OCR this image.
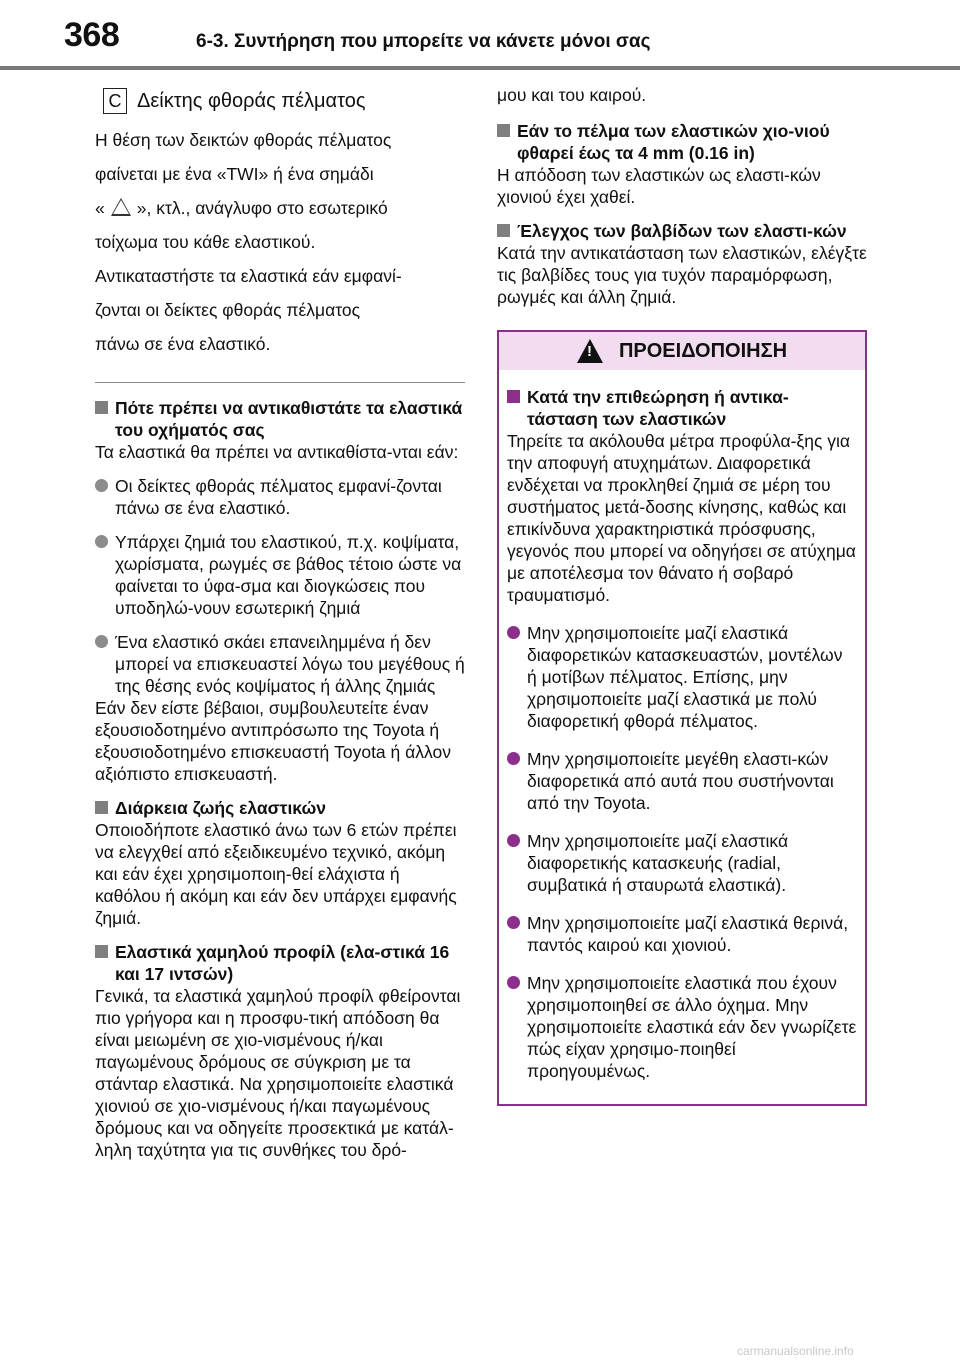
368	6-3. Συντήρηση που μπορείτε να κάνετε μόνοι σας
C Δείκτης φθοράς πέλματος

Η θέση των δεικτών φθοράς πέλματος

φαίνεται με ένα «TWI» ή ένα σημάδι

« », κτλ., ανάγλυφο στο εσωτερικό

τοίχωμα του κάθε ελαστικού.

Αντικαταστήστε τα ελαστικά εάν εμφανί-

ζονται οι δείκτες φθοράς πέλματος

πάνω σε ένα ελαστικό.

Πότε πρέπει να αντικαθιστάτε τα ελαστικά του οχήματός σας

Τα ελαστικά θα πρέπει να αντικαθίστα-νται εάν:

Οι δείκτες φθοράς πέλματος εμφανί-ζονται πάνω σε ένα ελαστικό.
Υπάρχει ζημιά του ελαστικού, π.χ. κοψίματα, χωρίσματα, ρωγμές σε βάθος τέτοιο ώστε να φαίνεται το ύφα-σμα και διογκώσεις που υποδηλώ-νουν εσωτερική ζημιά
Ένα ελαστικό σκάει επανειλημμένα ή δεν μπορεί να επισκευαστεί λόγω του μεγέθους ή της θέσης ενός κοψίματος ή άλλης ζημιάς

Εάν δεν είστε βέβαιοι, συμβουλευτείτε έναν εξουσιοδοτημένο αντιπρόσωπο της Toyota ή εξουσιοδοτημένο επισκευαστή Toyota ή άλλον αξιόπιστο επισκευαστή.

Διάρκεια ζωής ελαστικών

Οποιοδήποτε ελαστικό άνω των 6 ετών πρέπει να ελεγχθεί από εξειδικευμένο τεχνικό, ακόμη και εάν έχει χρησιμοποιη-θεί ελάχιστα ή καθόλου ή ακόμη και εάν δεν υπάρχει εμφανής ζημιά.

Ελαστικά χαμηλού προφίλ (ελα-στικά 16 και 17 ιντσών)

Γενικά, τα ελαστικά χαμηλού προφίλ φθείρονται πιο γρήγορα και η προσφυ-τική απόδοση θα είναι μειωμένη σε χιο-νισμένους ή/και παγωμένους δρόμους σε σύγκριση με τα στάνταρ ελαστικά. Να χρησιμοποιείτε ελαστικά χιονιού σε χιο-νισμένους ή/και παγωμένους δρόμους και να οδηγείτε προσεκτικά με κατάλ-ληλη ταχύτητα για τις συνθήκες του δρό-

μου και του καιρού.

Εάν το πέλμα των ελαστικών χιο-νιού φθαρεί έως τα 4 mm (0.16 in)

Η απόδοση των ελαστικών ως ελαστι-κών χιονιού έχει χαθεί.

Έλεγχος των βαλβίδων των ελαστι-κών

Κατά την αντικατάσταση των ελαστικών, ελέγξτε τις βαλβίδες τους για τυχόν παραμόρφωση, ρωγμές και άλλη ζημιά.

!
ΠΡΟΕΙΔΟΠΟΙΗΣΗ
Κατά την επιθεώρηση ή αντικα-τάσταση των ελαστικών

Τηρείτε τα ακόλουθα μέτρα προφύλα-ξης για την αποφυγή ατυχημάτων. Διαφορετικά ενδέχεται να προκληθεί ζημιά σε μέρη του συστήματος μετά-δοσης κίνησης, καθώς και επικίνδυνα χαρακτηριστικά πρόσφυσης, γεγονός που μπορεί να οδηγήσει σε ατύχημα με αποτέλεσμα τον θάνατο ή σοβαρό τραυματισμό.

Μην χρησιμοποιείτε μαζί ελαστικά διαφορετικών κατασκευαστών, μοντέλων ή μοτίβων πέλματος. Επίσης, μην χρησιμοποιείτε μαζί ελαστικά με πολύ διαφορετική φθορά πέλματος.
Μην χρησιμοποιείτε μεγέθη ελαστι-κών διαφορετικά από αυτά που συστήνονται από την Toyota.
Μην χρησιμοποιείτε μαζί ελαστικά διαφορετικής κατασκευής (radial, συμβατικά ή σταυρωτά ελαστικά).
Μην χρησιμοποιείτε μαζί ελαστικά θερινά, παντός καιρού και χιονιού.
Μην χρησιμοποιείτε ελαστικά που έχουν χρησιμοποιηθεί σε άλλο όχημα. Μην χρησιμοποιείτε ελαστικά εάν δεν γνωρίζετε πώς είχαν χρησιμο-ποιηθεί προηγουμένως.
carmanualsonline.info
